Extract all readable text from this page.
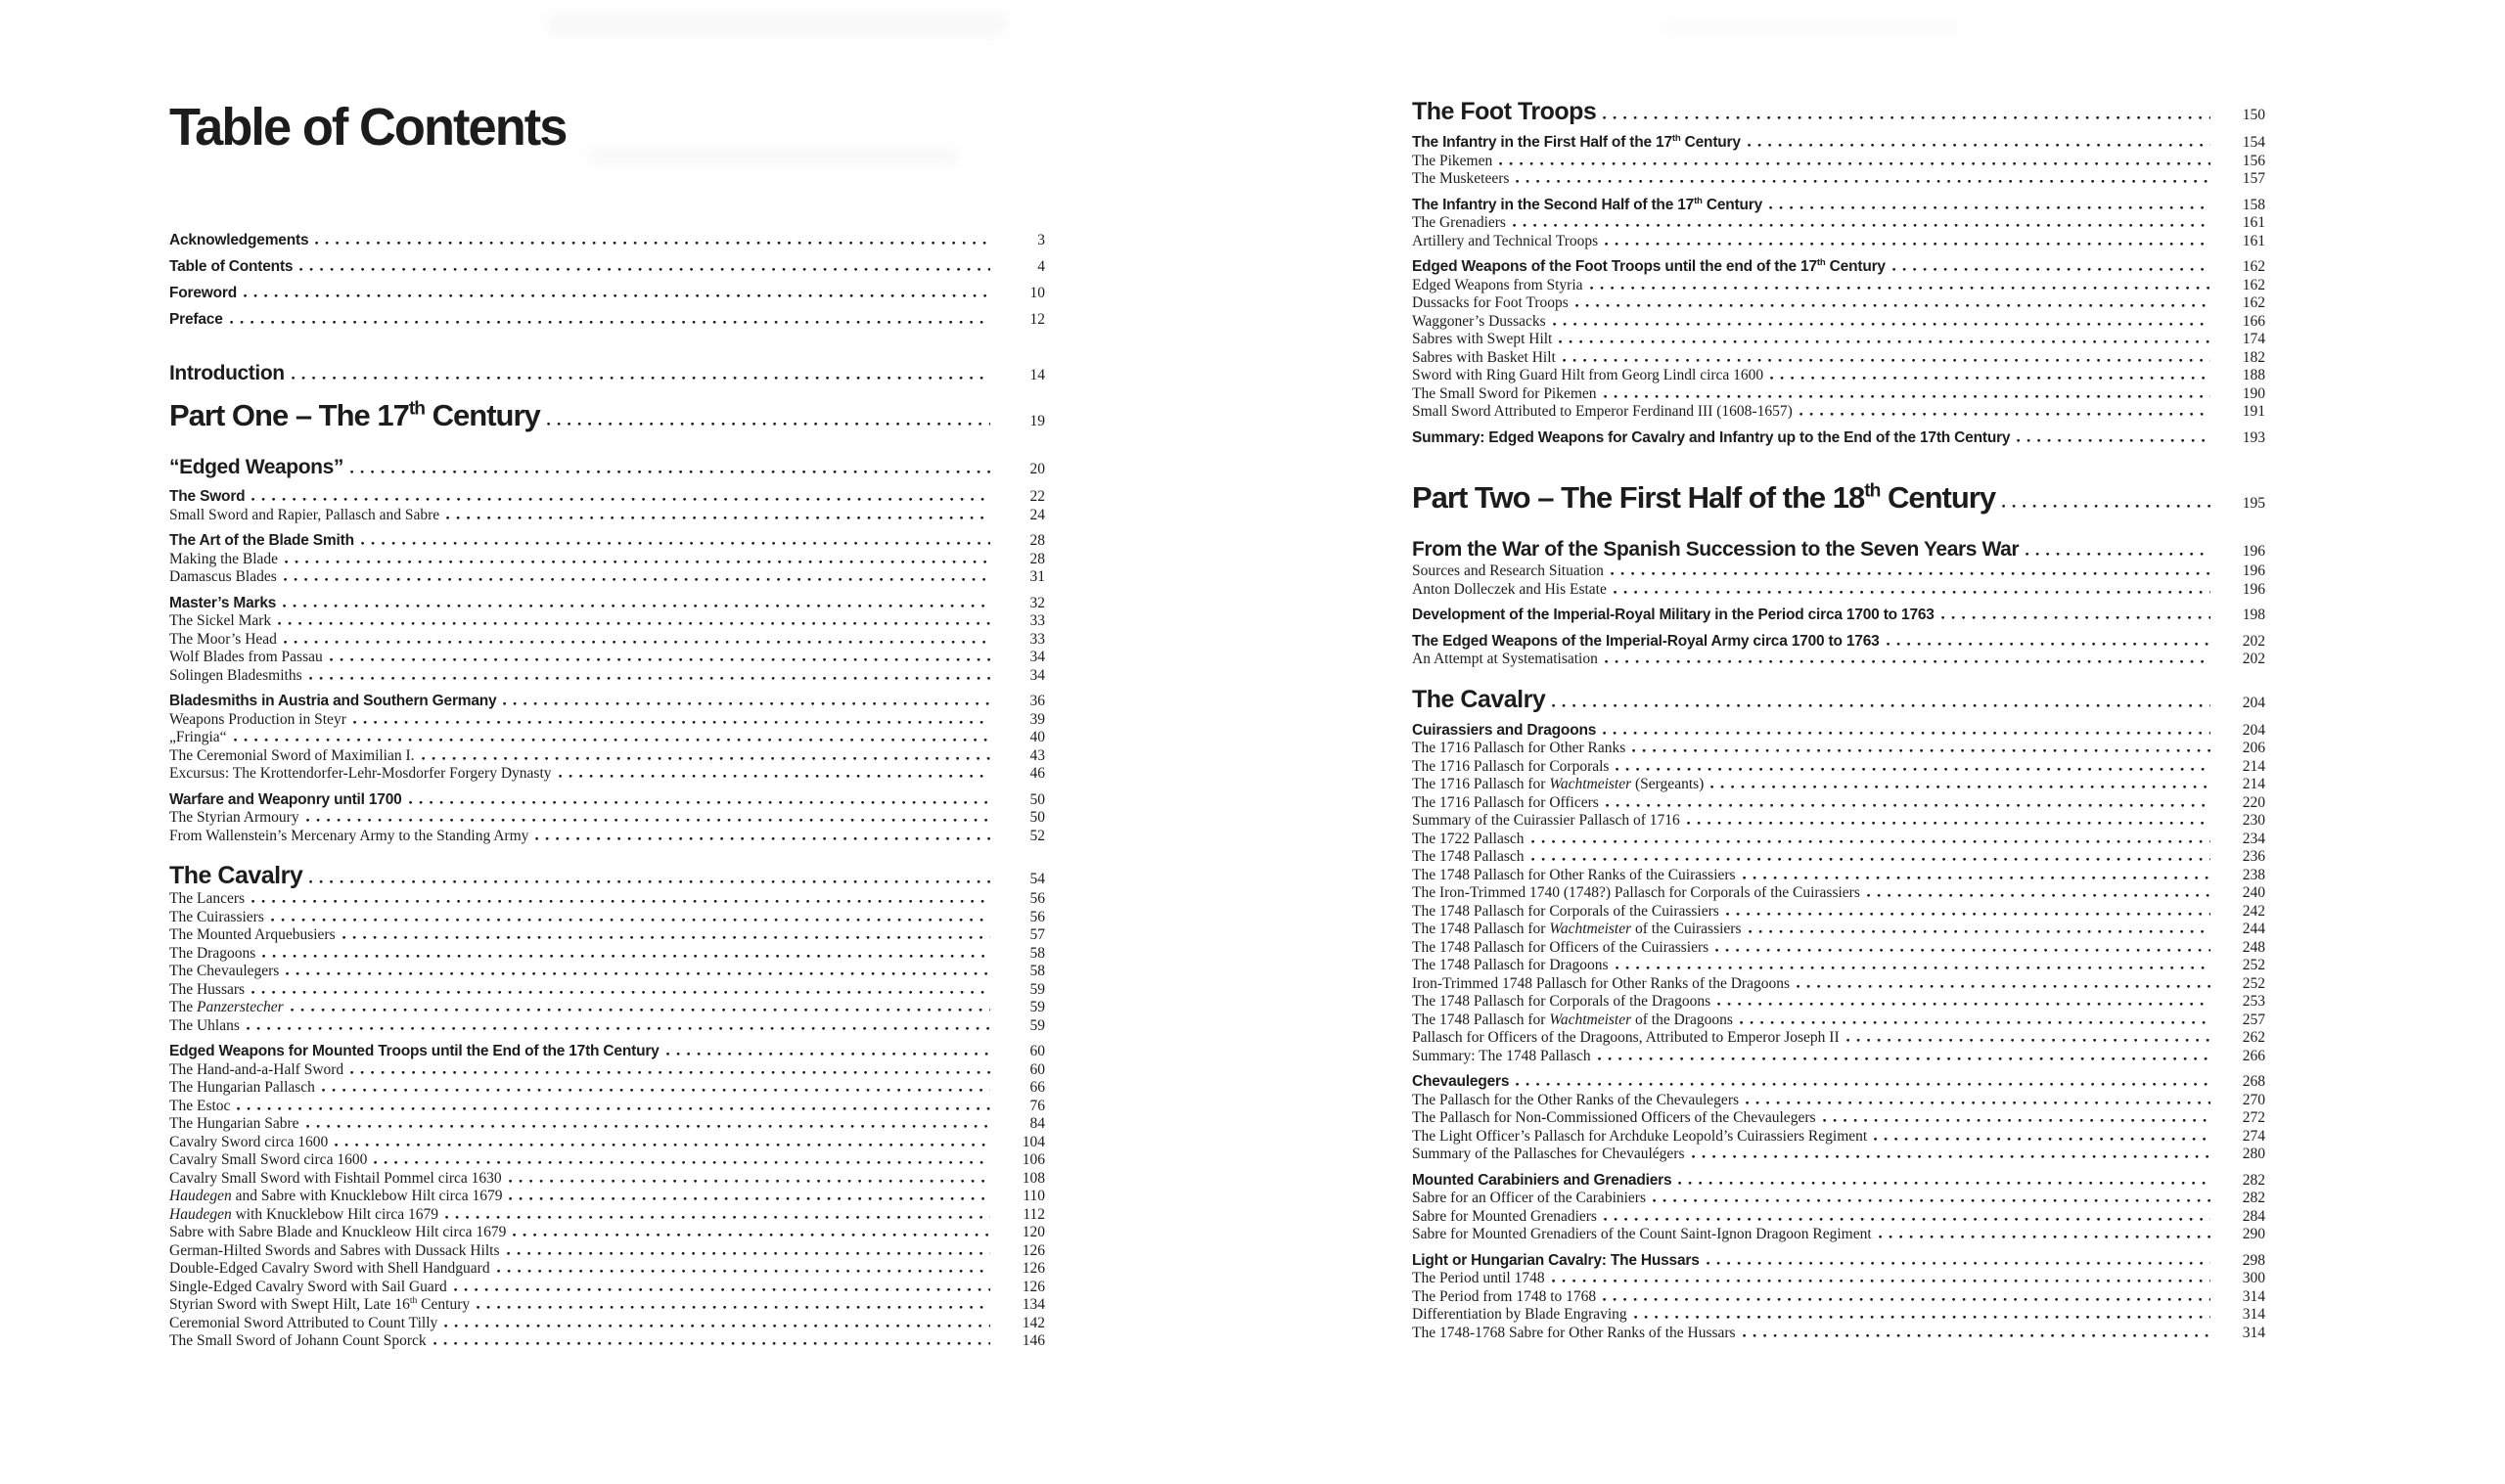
Table of Contents
Acknowledgements	3
Table of Contents	4
Foreword	10
Preface	12
Introduction	14
Part One – The 17th Century	19
“Edged Weapons”	20
The Sword	22
Small Sword and Rapier, Pallasch and Sabre	24
The Art of the Blade Smith	28
Making the Blade	28
Damascus Blades	31
Master’s Marks	32
The Sickel Mark	33
The Moor’s Head	33
Wolf Blades from Passau	34
Solingen Bladesmiths	34
Bladesmiths in Austria and Southern Germany	36
Weapons Production in Steyr	39
„Fringia“	40
The Ceremonial Sword of Maximilian I.	43
Excursus: The Krottendorfer-Lehr-Mosdorfer Forgery Dynasty	46
Warfare and Weaponry until 1700	50
The Styrian Armoury	50
From Wallenstein’s Mercenary Army to the Standing Army	52
The Cavalry	54
The Lancers	56
The Cuirassiers	56
The Mounted Arquebusiers	57
The Dragoons	58
The Chevaulegers	58
The Hussars	59
The Panzerstecher	59
The Uhlans	59
Edged Weapons for Mounted Troops until the End of the 17th Century	60
The Hand-and-a-Half Sword	60
The Hungarian Pallasch	66
The Estoc	76
The Hungarian Sabre	84
Cavalry Sword circa 1600	104
Cavalry Small Sword circa 1600	106
Cavalry Small Sword with Fishtail Pommel circa 1630	108
Haudegen and Sabre with Knucklebow Hilt circa 1679	110
Haudegen with Knucklebow Hilt circa 1679	112
Sabre with Sabre Blade and Knuckleow Hilt circa 1679	120
German-Hilted Swords and Sabres with Dussack Hilts	126
Double-Edged Cavalry Sword with Shell Handguard	126
Single-Edged Cavalry Sword with Sail Guard	126
Styrian Sword with Swept Hilt, Late 16th Century	134
Ceremonial Sword Attributed to Count Tilly	142
The Small Sword of Johann Count Sporck	146
The Foot Troops	150
The Infantry in the First Half of the 17th Century	154
The Pikemen	156
The Musketeers	157
The Infantry in the Second Half of the 17th Century	158
The Grenadiers	161
Artillery and Technical Troops	161
Edged Weapons of the Foot Troops until the end of the 17th Century	162
Edged Weapons from Styria	162
Dussacks for Foot Troops	162
Waggoner’s Dussacks	166
Sabres with Swept Hilt	174
Sabres with Basket Hilt	182
Sword with Ring Guard Hilt from Georg Lindl circa 1600	188
The Small Sword for Pikemen	190
Small Sword Attributed to Emperor Ferdinand III (1608-1657)	191
Summary: Edged Weapons for Cavalry and Infantry up to the End of the 17th Century	193
Part Two – The First Half of the 18th Century	195
From the War of the Spanish Succession to the Seven Years War	196
Sources and Research Situation	196
Anton Dolleczek and His Estate	196
Development of the Imperial-Royal Military in the Period circa 1700 to 1763	198
The Edged Weapons of the Imperial-Royal Army circa 1700 to 1763	202
An Attempt at Systematisation	202
The Cavalry	204
Cuirassiers and Dragoons	204
The 1716 Pallasch for Other Ranks	206
The 1716 Pallasch for Corporals	214
The 1716 Pallasch for Wachtmeister (Sergeants)	214
The 1716 Pallasch for Officers	220
Summary of the Cuirassier Pallasch of 1716	230
The 1722 Pallasch	234
The 1748 Pallasch	236
The 1748 Pallasch for Other Ranks of the Cuirassiers	238
The Iron-Trimmed 1740 (1748?) Pallasch for Corporals of the Cuirassiers	240
The 1748 Pallasch for Corporals of the Cuirassiers	242
The 1748 Pallasch for Wachtmeister of the Cuirassiers	244
The 1748 Pallasch for Officers of the Cuirassiers	248
The 1748 Pallasch for Dragoons	252
Iron-Trimmed 1748 Pallasch for Other Ranks of the Dragoons	252
The 1748 Pallasch for Corporals of the Dragoons	253
The 1748 Pallasch for Wachtmeister of the Dragoons	257
Pallasch for Officers of the Dragoons, Attributed to Emperor Joseph II	262
Summary: The 1748 Pallasch	266
Chevaulegers	268
The Pallasch for the Other Ranks of the Chevaulegers	270
The Pallasch for Non-Commissioned Officers of the Chevaulegers	272
The Light Officer’s Pallasch for Archduke Leopold’s Cuirassiers Regiment	274
Summary of the Pallasches for Chevaulégers	280
Mounted Carabiniers and Grenadiers	282
Sabre for an Officer of the Carabiniers	282
Sabre for Mounted Grenadiers	284
Sabre for Mounted Grenadiers of the Count Saint-Ignon Dragoon Regiment	290
Light or Hungarian Cavalry: The Hussars	298
The Period until 1748	300
The Period from 1748 to 1768	314
Differentiation by Blade Engraving	314
The 1748-1768 Sabre for Other Ranks of the Hussars	314
